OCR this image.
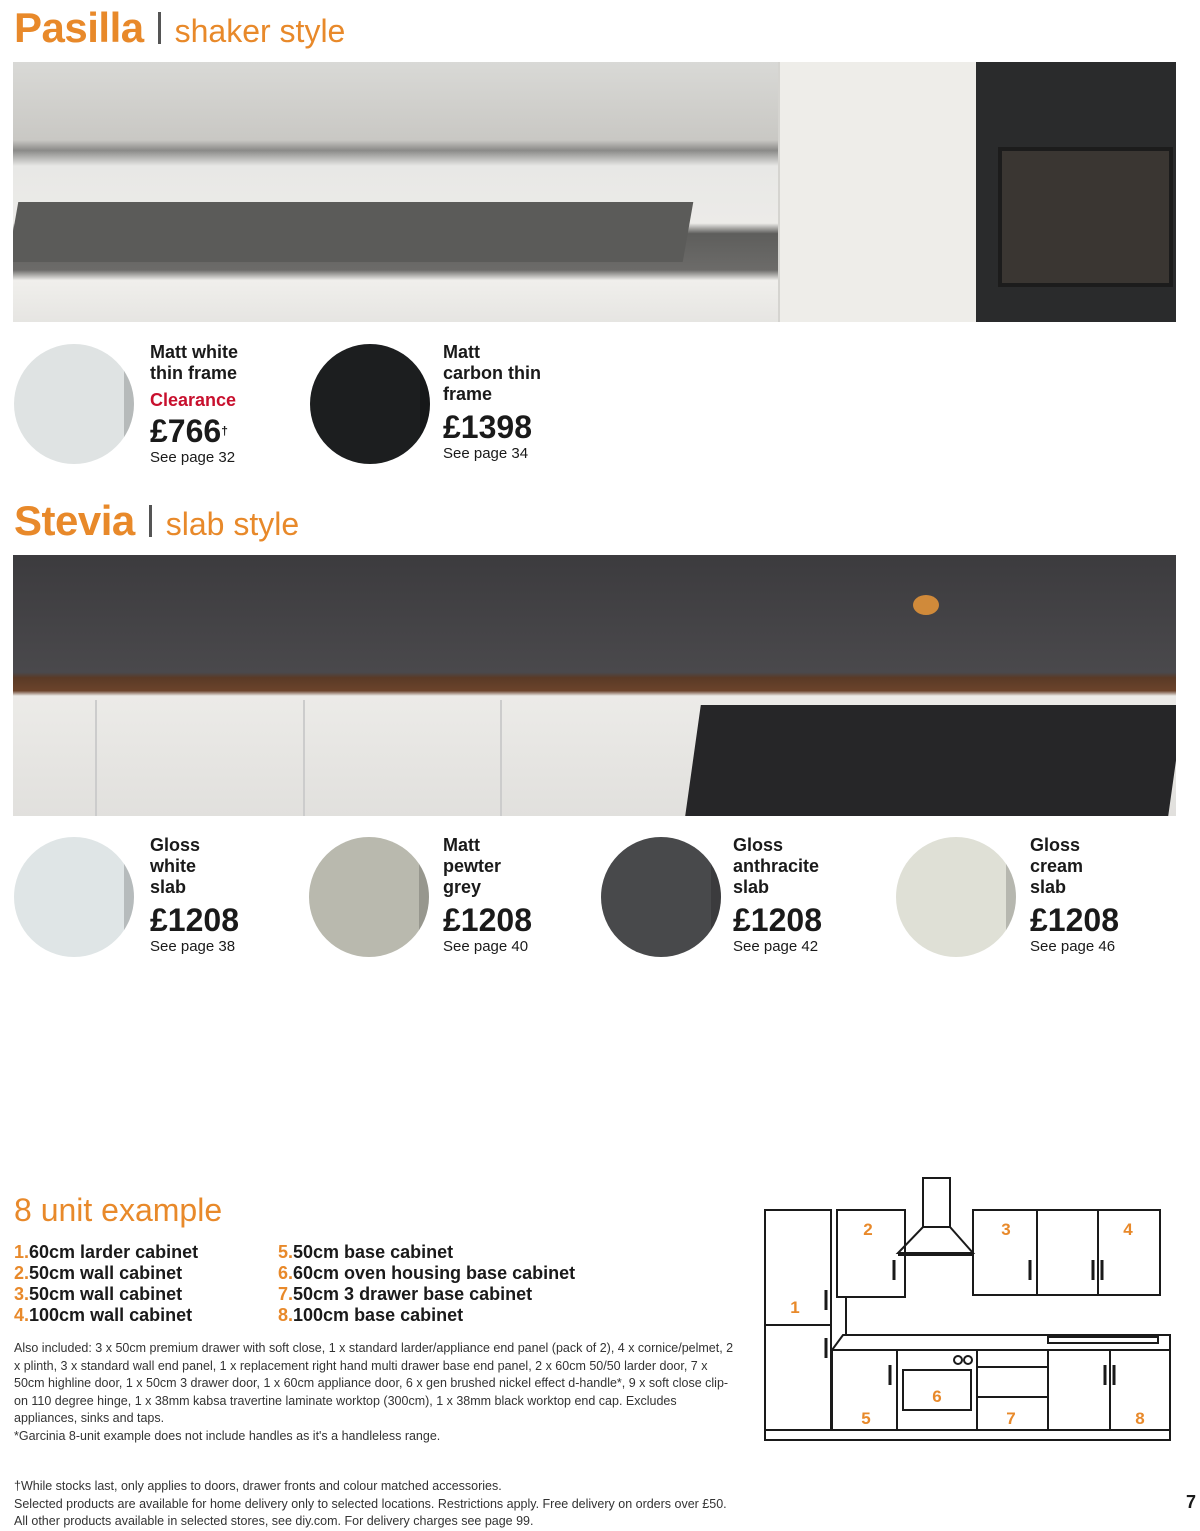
Pasilla shaker style
Matt white
thin frame
Clearance
£766†
See page 32
Matt
carbon thin
frame
£1398
See page 34
Stevia slab style
Gloss
white
slab
£1208
See page 38
Matt
pewter
grey
£1208
See page 40
Gloss
anthracite
slab
£1208
See page 42
Gloss
cream
slab
£1208
See page 46
8 unit example
1.60cm larder cabinet
2.50cm wall cabinet
3.50cm wall cabinet
4.100cm wall cabinet
5.50cm base cabinet
6.60cm oven housing base cabinet
7.50cm 3 drawer base cabinet
8.100cm base cabinet
Also included: 3 x 50cm premium drawer with soft close, 1 x standard larder/appliance end panel (pack of 2), 4 x cornice/pelmet, 2 x plinth, 3 x standard wall end panel, 1 x replacement right hand multi drawer base end panel, 2 x 60cm 50/50 larder door, 7 x 50cm highline door, 1 x 50cm 3 drawer door, 1 x 60cm appliance door, 6 x gen brushed nickel effect d-handle*, 9 x soft close clip-on 110 degree hinge, 1 x 38mm kabsa travertine laminate worktop (300cm), 1 x 38mm black worktop end cap. Excludes appliances, sinks and taps.
*Garcinia 8-unit example does not include handles as it's a handleless range.
1
2	3	4
5
6
7	8
†While stocks last, only applies to doors, drawer fronts and colour matched accessories.
Selected products are available for home delivery only to selected locations. Restrictions apply. Free delivery on orders over £50.
All other products available in selected stores, see diy.com. For delivery charges see page 99.
7
